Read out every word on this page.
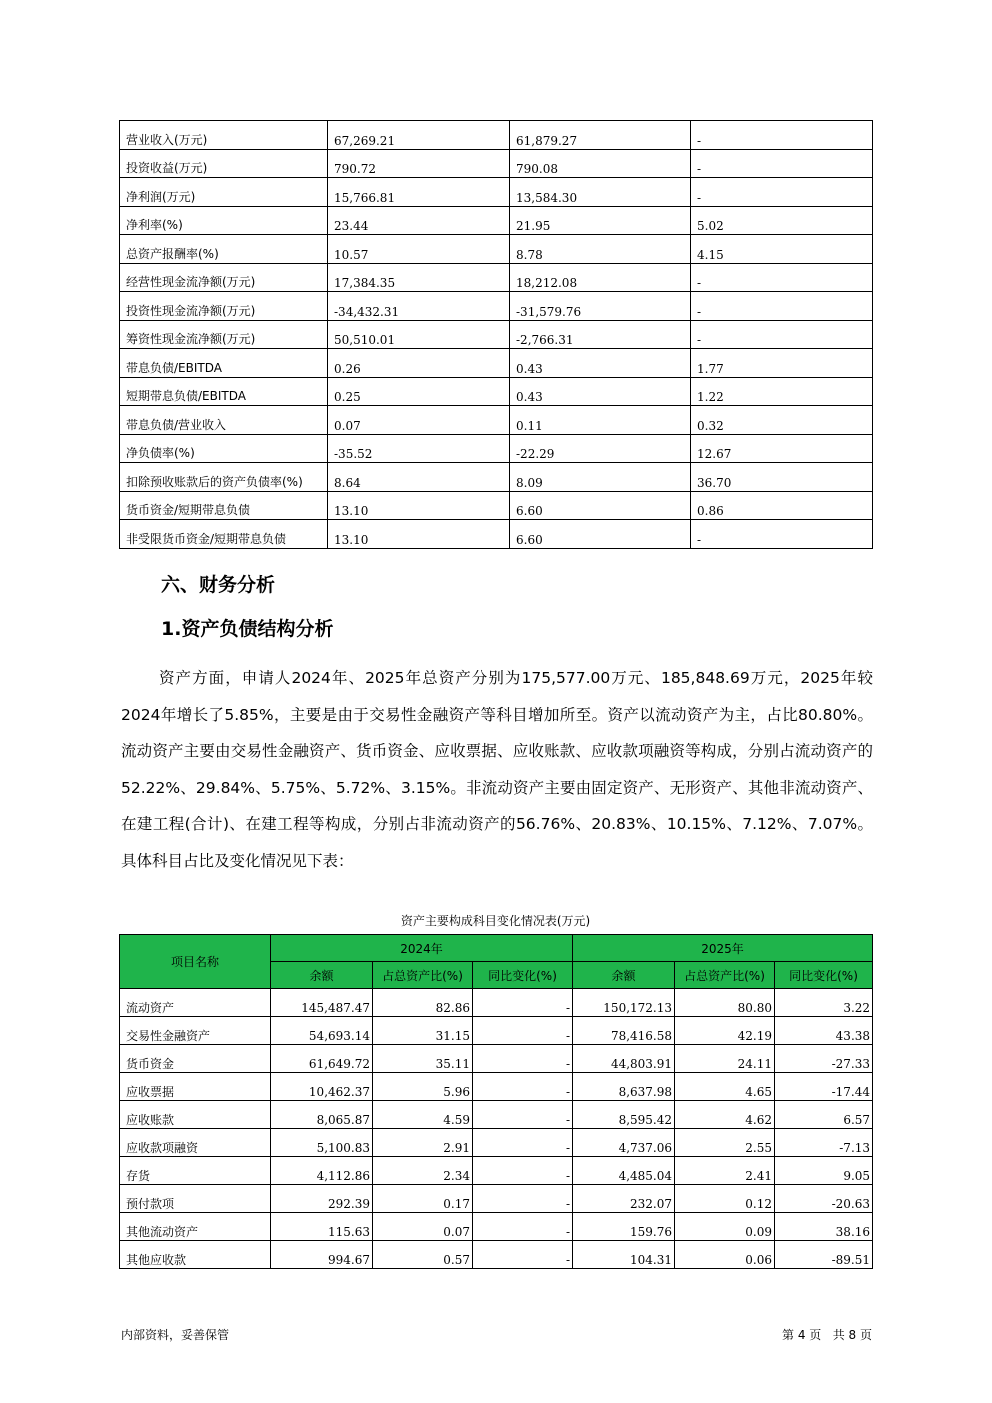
营业收入(万元)	67,269.21	61,879.27	-
投资收益(万元)	790.72	790.08	-
净利润(万元)	15,766.81	13,584.30	-
净利率(%)	23.44	21.95	5.02
总资产报酬率(%)	10.57	8.78	4.15
经营性现金流净额(万元)	17,384.35	18,212.08	-
投资性现金流净额(万元)	-34,432.31	-31,579.76	-
筹资性现金流净额(万元)	50,510.01	-2,766.31	-
带息负债/EBITDA	0.26	0.43	1.77
短期带息负债/EBITDA	0.25	0.43	1.22
带息负债/营业收入	0.07	0.11	0.32
净负债率(%)	-35.52	-22.29	12.67
扣除预收账款后的资产负债率(%)	8.64	8.09	36.70
货币资金/短期带息负债	13.10	6.60	0.86
非受限货币资金/短期带息负债	13.10	6.60	-
六、财务分析
1.资产负债结构分析

资产方面，申请人2024年、2025年总资产分别为175,577.00万元、185,848.69万元，2025年较2024年增长了5.85%，主要是由于交易性金融资产等科目增加所至。资产以流动资产为主，占比80.80%。流动资产主要由交易性金融资产、货币资金、应收票据、应收账款、应收款项融资等构成，分别占流动资产的52.22%、29.84%、5.75%、5.72%、3.15%。非流动资产主要由固定资产、无形资产、其他非流动资产、在建工程(合计)、在建工程等构成，分别占非流动资产的56.76%、20.83%、10.15%、7.12%、7.07%。具体科目占比及变化情况见下表：

资产主要构成科目变化情况表(万元)
项目名称	2024年			2025年		
	余额	占总资产比(%)	同比变化(%)	余额	占总资产比(%)	同比变化(%)
流动资产	145,487.47	82.86	-	150,172.13	80.80	3.22
交易性金融资产	54,693.14	31.15	-	78,416.58	42.19	43.38
货币资金	61,649.72	35.11	-	44,803.91	24.11	-27.33
应收票据	10,462.37	5.96	-	8,637.98	4.65	-17.44
应收账款	8,065.87	4.59	-	8,595.42	4.62	6.57
应收款项融资	5,100.83	2.91	-	4,737.06	2.55	-7.13
存货	4,112.86	2.34	-	4,485.04	2.41	9.05
预付款项	292.39	0.17	-	232.07	0.12	-20.63
其他流动资产	115.63	0.07	-	159.76	0.09	38.16
其他应收款	994.67	0.57	-	104.31	0.06	-89.51
内部资料，妥善保管	第 4 页   共 8 页
